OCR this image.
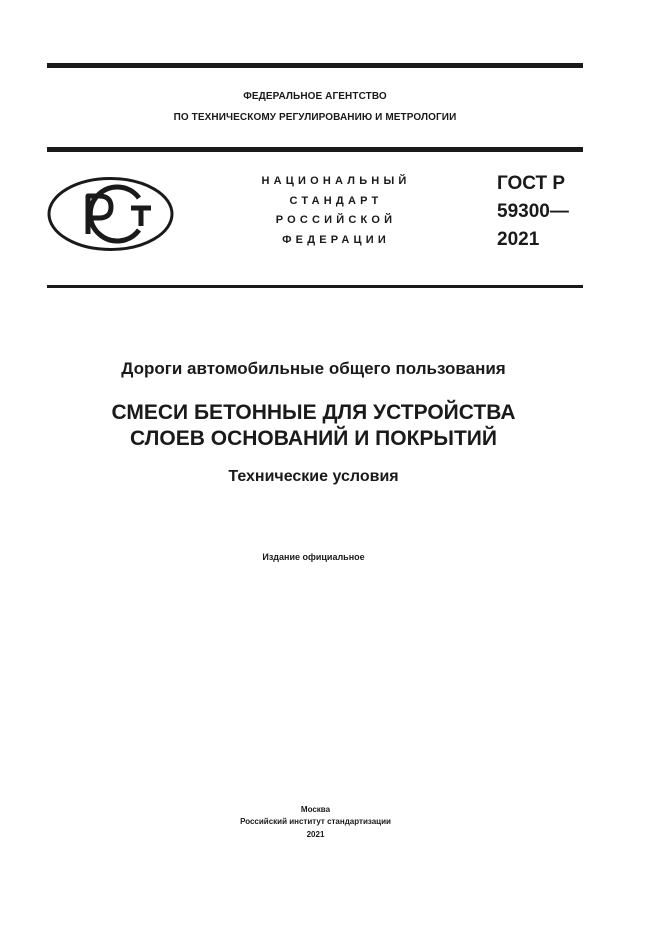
ФЕДЕРАЛЬНОЕ АГЕНТСТВО
ПО ТЕХНИЧЕСКОМУ РЕГУЛИРОВАНИЮ И МЕТРОЛОГИИ
НАЦИОНАЛЬНЫЙ
СТАНДАРТ
РОССИЙСКОЙ
ФЕДЕРАЦИИ
ГОСТ Р
59300—
2021
Дороги автомобильные общего пользования
СМЕСИ БЕТОННЫЕ ДЛЯ УСТРОЙСТВА
СЛОЕВ ОСНОВАНИЙ И ПОКРЫТИЙ
Технические условия
Издание официальное
Москва
Российский институт стандартизации
2021
